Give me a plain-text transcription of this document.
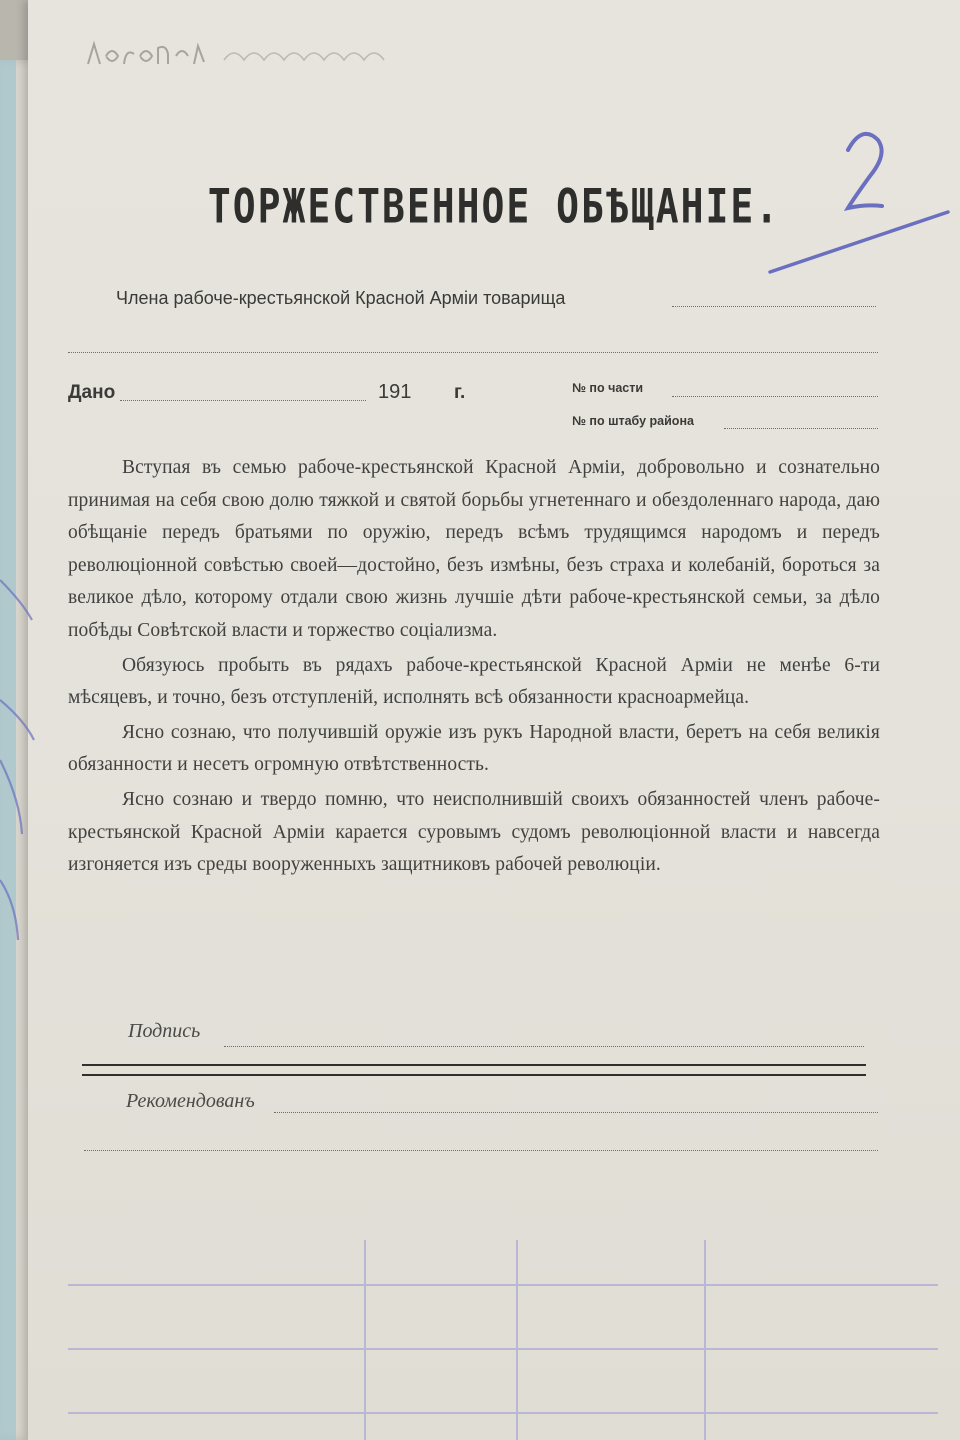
ТОРЖЕСТВЕННОЕ ОБѢЩАНІЕ.
Члена рабоче-крестьянской Красной Арміи товарища
Дано	191 г.	№ по части
№ по штабу района
Вступая въ семью рабоче-крестьянской Красной Арміи, добровольно и сознательно принимая на себя свою долю тяжкой и святой борьбы угнетеннаго и обездоленнаго народа, даю обѣщаніе передъ братьями по оружію, передъ всѣмъ трудящимся народомъ и передъ революціонной совѣстью своей—достойно, безъ измѣны, безъ страха и колебаній, бороться за великое дѣло, которому отдали свою жизнь лучшіе дѣти рабоче-крестьянской семьи, за дѣло побѣды Совѣтской власти и торжество соціализма.
Обязуюсь пробыть въ рядахъ рабоче-крестьянской Красной Арміи не менѣе 6-ти мѣсяцевъ, и точно, безъ отступленій, исполнять всѣ обязанности красноармейца.
Ясно сознаю, что получившій оружіе изъ рукъ Народной власти, беретъ на себя великія обязанности и несетъ огромную отвѣтственность.
Ясно сознаю и твердо помню, что неисполнившій своихъ обязанностей членъ рабоче-крестьянской Красной Арміи карается суровымъ судомъ революціонной власти и навсегда изгоняется изъ среды вооруженныхъ защитниковъ рабочей революціи.
Подпись
Рекомендованъ
